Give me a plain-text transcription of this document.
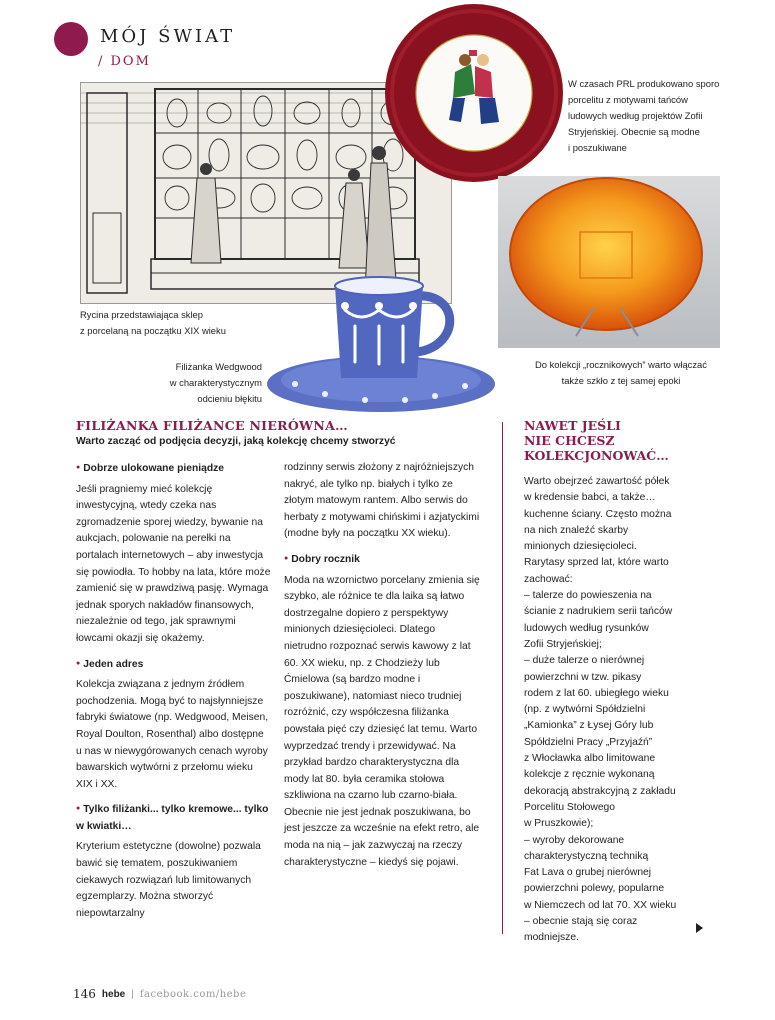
MÓJ ŚWIAT
/ DOM
Rycina przedstawiająca sklep
z porcelaną na początku XIX wieku
W czasach PRL produkowano sporo
porcelitu z motywami tańców
ludowych według projektów Zofii
Stryjeńskiej. Obecnie są modne
i poszukiwane
Do kolekcji „rocznikowych” warto włączać
także szkło z tej samej epoki
Filiżanka Wedgwood
w charakterystycznym
odcieniu błękitu
FILIŻANKA FILIŻANCE NIERÓWNA…
Warto zacząć od podjęcia decyzji, jaką kolekcję chcemy stworzyć
● Dobrze ulokowane pieniądze

Jeśli pragniemy mieć kolekcję inwestycyjną, wtedy czeka nas zgromadzenie sporej wiedzy, bywanie na aukcjach, polowanie na perełki na portalach internetowych – aby inwestycja się powiodła. To hobby na lata, które może zamienić się w prawdziwą pasję. Wymaga jednak sporych nakładów finansowych, niezależnie od tego, jak sprawnymi łowcami okazji się okażemy.

● Jeden adres

Kolekcja związana z jednym źródłem pochodzenia. Mogą być to najsłynniejsze fabryki światowe (np. Wedgwood, Meisen, Royal Doulton, Rosenthal) albo dostępne u nas w niewygórowanych cenach wyroby bawarskich wytwórni z przełomu wieku XIX i XX.

● Tylko filiżanki... tylko kremowe... tylko w kwiatki…

Kryterium estetyczne (dowolne) pozwala bawić się tematem, poszukiwaniem ciekawych rozwiązań lub limitowanych egzemplarzy. Można stworzyć niepowtarzalny

rodzinny serwis złożony z najróżniejszych nakryć, ale tylko np. białych i tylko ze złotym matowym rantem. Albo serwis do herbaty z motywami chińskimi i azjatyckimi (modne były na początku XX wieku).

● Dobry rocznik

Moda na wzornictwo porcelany zmienia się szybko, ale różnice te dla laika są łatwo dostrzegalne dopiero z perspektywy minionych dziesięcioleci. Dlatego nietrudno rozpoznać serwis kawowy z lat 60. XX wieku, np. z Chodzieży lub Ćmielowa (są bardzo modne i poszukiwane), natomiast nieco trudniej rozróżnić, czy współczesna filiżanka powstała pięć czy dziesięć lat temu. Warto wyprzedzać trendy i przewidywać. Na przykład bardzo charakterystyczna dla mody lat 80. była ceramika stołowa szkliwiona na czarno lub czarno-biała. Obecnie nie jest jednak poszukiwana, bo jest jeszcze za wcześnie na efekt retro, ale moda na nią – jak zazwyczaj na rzeczy charakterystyczne – kiedyś się pojawi.

NAWET JEŚLI
NIE CHCESZ
KOLEKCJONOWAĆ…
Warto obejrzeć zawartość półek
w kredensie babci, a także…
kuchenne ściany. Często można
na nich znaleźć skarby
minionych dziesięcioleci.
Rarytasy sprzed lat, które warto
zachować:
– talerze do powieszenia na
ścianie z nadrukiem serii tańców
ludowych według rysunków
Zofii Stryjeńskiej;
– duże talerze o nierównej
powierzchni w tzw. pikasy
rodem z lat 60. ubiegłego wieku
(np. z wytwórni Spółdzielni
„Kamionka” z Łysej Góry lub
Spółdzielni Pracy „Przyjaźń”
z Włocławka albo limitowane
kolekcje z ręcznie wykonaną
dekoracją abstrakcyjną z zakładu
Porcelitu Stołowego
w Pruszkowie);
– wyroby dekorowane
charakterystyczną techniką
Fat Lava o grubej nierównej
powierzchni polewy, popularne
w Niemczech od lat 70. XX wieku
– obecnie stają się coraz
modniejsze.
146 hebe | facebook.com/hebe
